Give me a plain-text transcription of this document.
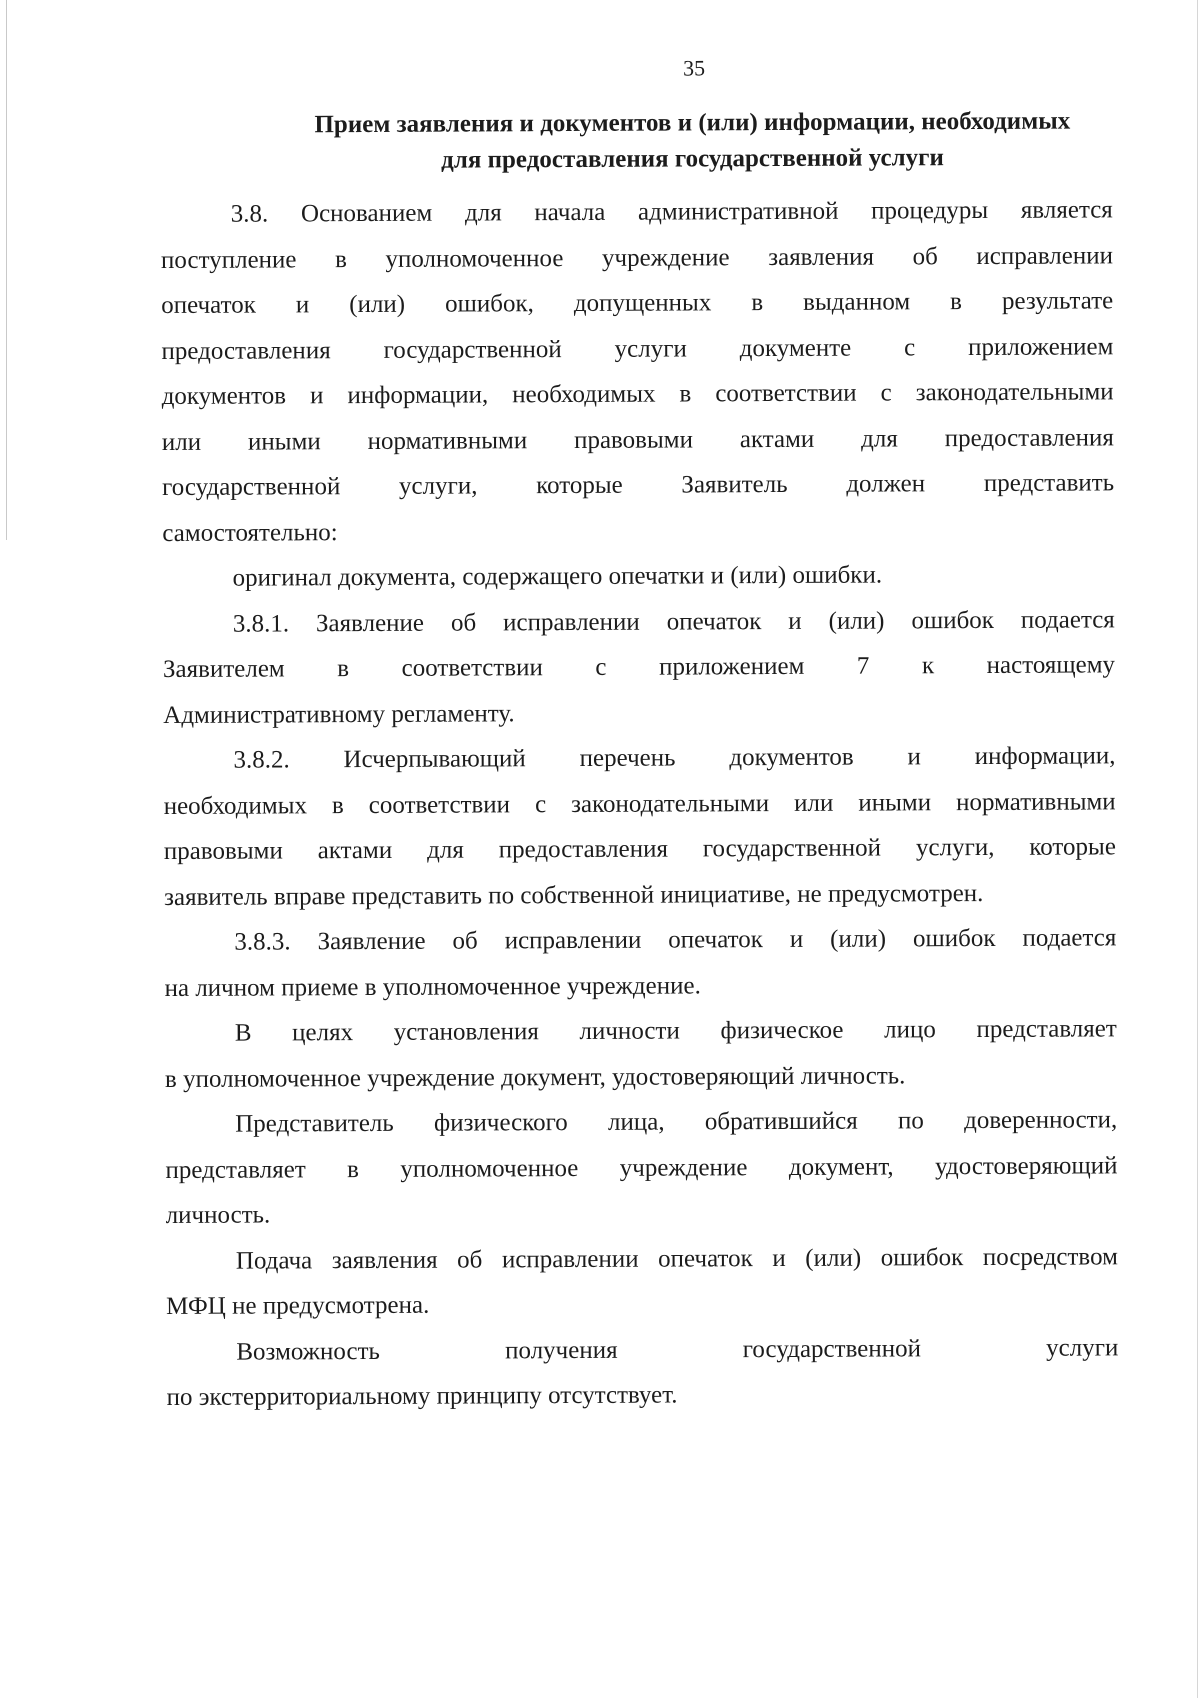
35
Прием заявления и документов и (или) информации, необходимых
для предоставления государственной услуги
3.8. Основанием для начала административной процедуры является
поступление в уполномоченное учреждение заявления об исправлении
опечаток и (или) ошибок, допущенных в выданном в результате
предоставления государственной услуги документе с приложением
документов и информации, необходимых в соответствии с законодательными
или иными нормативными правовыми актами для предоставления
государственной услуги, которые Заявитель должен представить
самостоятельно:
оригинал документа, содержащего опечатки и (или) ошибки.
3.8.1. Заявление об исправлении опечаток и (или) ошибок подается
Заявителем в соответствии с приложением 7 к настоящему
Административному регламенту.
3.8.2. Исчерпывающий перечень документов и информации,
необходимых в соответствии с законодательными или иными нормативными
правовыми актами для предоставления государственной услуги, которые
заявитель вправе представить по собственной инициативе, не предусмотрен.
3.8.3. Заявление об исправлении опечаток и (или) ошибок подается
на личном приеме в уполномоченное учреждение.
В целях установления личности физическое лицо представляет
в уполномоченное учреждение документ, удостоверяющий личность.
Представитель физического лица, обратившийся по доверенности,
представляет в уполномоченное учреждение документ, удостоверяющий
личность.
Подача заявления об исправлении опечаток и (или) ошибок посредством
МФЦ не предусмотрена.
Возможность получения государственной услуги
по экстерриториальному принципу отсутствует.
